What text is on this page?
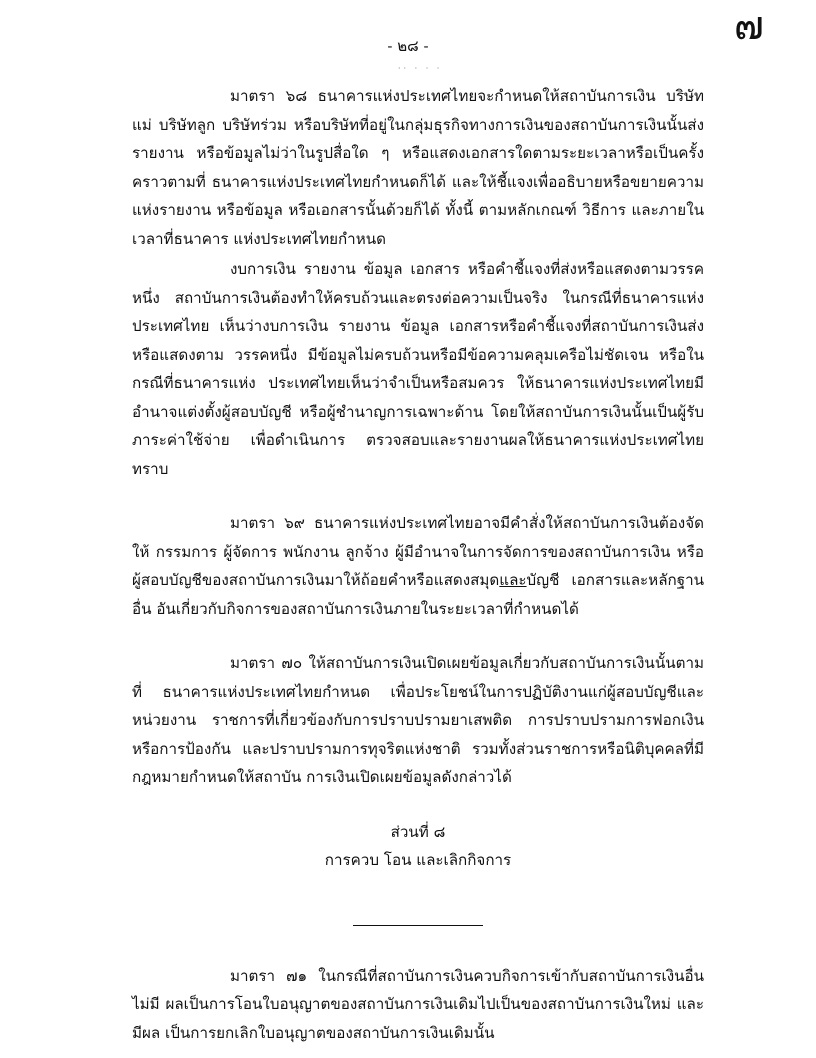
๗
- ๒๘ -
·· · · ·

มาตรา ๖๘ ธนาคารแห่งประเทศไทยจะกำหนดให้สถาบันการเงิน บริษัทแม่ บริษัทลูก บริษัทร่วม หรือบริษัทที่อยู่ในกลุ่มธุรกิจทางการเงินของสถาบันการเงินนั้นส่งรายงาน หรือข้อมูลไม่ว่าในรูปสื่อใด ๆ หรือแสดงเอกสารใดตามระยะเวลาหรือเป็นครั้งคราวตามที่ ธนาคารแห่งประเทศไทยกำหนดก็ได้ และให้ชี้แจงเพื่ออธิบายหรือขยายความแห่งรายงาน หรือข้อมูล หรือเอกสารนั้นด้วยก็ได้ ทั้งนี้ ตามหลักเกณฑ์ วิธีการ และภายในเวลาที่ธนาคาร แห่งประเทศไทยกำหนด

งบการเงิน รายงาน ข้อมูล เอกสาร หรือคำชี้แจงที่ส่งหรือแสดงตามวรรคหนึ่ง สถาบันการเงินต้องทำให้ครบถ้วนและตรงต่อความเป็นจริง ในกรณีที่ธนาคารแห่งประเทศไทย เห็นว่างบการเงิน รายงาน ข้อมูล เอกสารหรือคำชี้แจงที่สถาบันการเงินส่งหรือแสดงตาม วรรคหนึ่ง มีข้อมูลไม่ครบถ้วนหรือมีข้อความคลุมเครือไม่ชัดเจน หรือในกรณีที่ธนาคารแห่ง ประเทศไทยเห็นว่าจำเป็นหรือสมควร ให้ธนาคารแห่งประเทศไทยมีอำนาจแต่งตั้งผู้สอบบัญชี หรือผู้ชำนาญการเฉพาะด้าน โดยให้สถาบันการเงินนั้นเป็นผู้รับภาระค่าใช้จ่าย เพื่อดำเนินการ ตรวจสอบและรายงานผลให้ธนาคารแห่งประเทศไทยทราบ

มาตรา ๖๙ ธนาคารแห่งประเทศไทยอาจมีคำสั่งให้สถาบันการเงินต้องจัดให้ กรรมการ ผู้จัดการ พนักงาน ลูกจ้าง ผู้มีอำนาจในการจัดการของสถาบันการเงิน หรือ ผู้สอบบัญชีของสถาบันการเงินมาให้ถ้อยคำหรือแสดงสมุดและบัญชี เอกสารและหลักฐานอื่น อันเกี่ยวกับกิจการของสถาบันการเงินภายในระยะเวลาที่กำหนดได้

มาตรา ๗๐ ให้สถาบันการเงินเปิดเผยข้อมูลเกี่ยวกับสถาบันการเงินนั้นตามที่ ธนาคารแห่งประเทศไทยกำหนด เพื่อประโยชน์ในการปฏิบัติงานแก่ผู้สอบบัญชีและหน่วยงาน ราชการที่เกี่ยวข้องกับการปราบปรามยาเสพติด การปราบปรามการฟอกเงินหรือการป้องกัน และปราบปรามการทุจริตแห่งชาติ รวมทั้งส่วนราชการหรือนิติบุคคลที่มีกฎหมายกำหนดให้สถาบัน การเงินเปิดเผยข้อมูลดังกล่าวได้

ส่วนที่ ๘

การควบ โอน และเลิกกิจการ

มาตรา ๗๑ ในกรณีที่สถาบันการเงินควบกิจการเข้ากับสถาบันการเงินอื่นไม่มี ผลเป็นการโอนใบอนุญาตของสถาบันการเงินเดิมไปเป็นของสถาบันการเงินใหม่ และมีผล เป็นการยกเลิกใบอนุญาตของสถาบันการเงินเดิมนั้น
